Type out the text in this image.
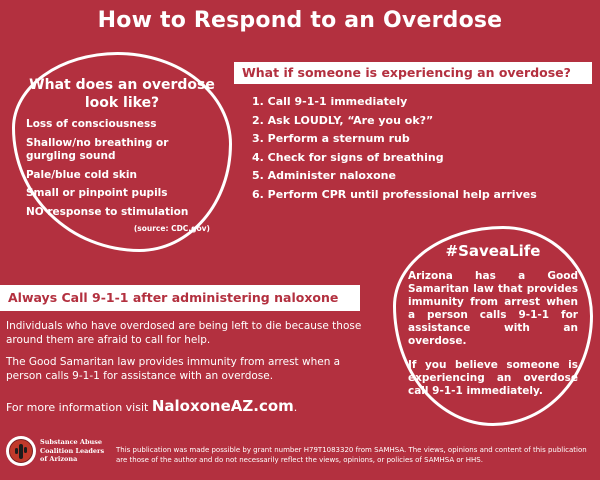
How to Respond to an Overdose
What does an overdose look like?
Loss of consciousness
Shallow/no breathing or gurgling sound
Pale/blue cold skin
Small or pinpoint pupils
NO response to stimulation
(source: CDC.gov)
What if someone is experiencing an overdose?
1. Call 9-1-1 immediately
2. Ask LOUDLY, “Are you ok?”
3. Perform a sternum rub
4. Check for signs of breathing
5. Administer naloxone
6. Perform CPR until professional help arrives
#SaveaLife

Arizona has a Good Samaritan law that provides immunity from arrest when a person calls 9-1-1 for assistance with an overdose.

If you believe someone is experiencing an overdose call 9-1-1 immediately.

Always Call 9-1-1 after administering naloxone

Individuals who have overdosed are being left to die because those around them are afraid to call for help.

The Good Samaritan law provides immunity from arrest when a person calls 9-1-1 for assistance with an overdose.

For more information visit NaloxoneAZ.com.
Substance Abuse Coalition Leaders of Arizona
This publication was made possible by grant number H79T1083320 from SAMHSA. The views, opinions and content of this publication are those of the author and do not necessarily reflect the views, opinions, or policies of SAMHSA or HHS.
